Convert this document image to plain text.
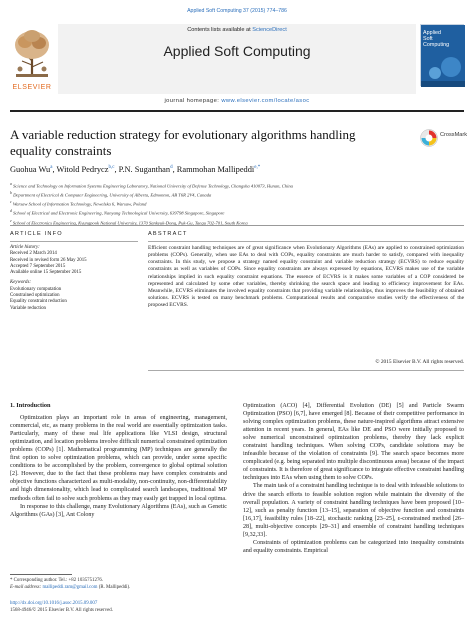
Applied Soft Computing 37 (2015) 774–786
Contents lists available at ScienceDirect
Applied Soft Computing
journal homepage: www.elsevier.com/locate/asoc
ELSEVIER
Applied
Soft
Computing
A variable reduction strategy for evolutionary algorithms handling
equality constraints
CrossMark
Guohua Wu$^a$, Witold Pedrycz$^{b,c}$, P.N. Suganthan$^d$, Rammohan Mallipeddi$^{e,*}$
$^a$ Science and Technology on Information Systems Engineering Laboratory, National University of Defense Technology, Changsha 410073, Hunan, China
$^b$ Department of Electrical & Computer Engineering, University of Alberta, Edmonton, AB T6R 2V4, Canada
$^c$ Warsaw School of Information Technology, Newelska 6, Warsaw, Poland
$^d$ School of Electrical and Electronic Engineering, Nanyang Technological University, 639798 Singapore, Singapore
$^e$ School of Electronics Engineering, Kyungpook National University, 1370 Sankyuk-Dong, Puk-Gu, Taegu 702-701, South Korea
ARTICLE INFO	ABSTRACT
Article history:
Received 2 March 2014
Received in revised form 26 May 2015
Accepted 7 September 2015
Available online 15 September 2015
Keywords:
Evolutionary computation
Constrained optimization
Equality constraint reduction
Variable reduction
Efficient constraint handling techniques are of great significance when Evolutionary Algorithms (EAs) are applied to constrained optimization problems (COPs). Generally, when use EAs to deal with COPs, equality constraints are much harder to satisfy, compared with inequality constraints. In this study, we propose a strategy named equality constraint and variable reduction strategy (ECVRS) to reduce equality constraints as well as variables of COPs. Since equality constraints are always expressed by equations, ECVRS makes use of the variable relationships implied in such equality constraint equations. The essence of ECVRS is it makes some variables of a COP considered be represented and calculated by some other variables, thereby shrinking the search space and leading to efficiency improvement for EAs. Meanwhile, ECVRS eliminates the involved equality constraints that providing variable relationships, thus improves the feasibility of obtained solutions. ECVRS is tested on many benchmark problems. Computational results and comparative studies verify the effectiveness of the proposed ECVRS.
© 2015 Elsevier B.V. All rights reserved.
1. Introduction

Optimization plays an important role in areas of engineering, management, commercial, etc, as many problems in the real world are essentially optimization tasks. Particularly, many of these real life applications like VLSI design, structural optimization, and location problems involve difficult numerical constrained optimization problems (COPs) [1]. Mathematical programming (MP) techniques are generally the first option to solve optimization problems, which can provide, under some specific conditions to be accomplished by the problem, convergence to global optimal solution [2]. However, due to the fact that these problems may have complex constraints and objective functions characterized as multi-modality, non-continuity, non-differentiability and high dimensionality, which lead to complicated search landscapes, traditional MP methods often fail to solve such problems as they may easily get trapped in local optima.

In response to this challenge, many Evolutionary Algorithms (EAs), such as Genetic Algorithms (GAs) [3], Ant Colony

Optimization (ACO) [4], Differential Evolution (DE) [5] and Particle Swarm Optimization (PSO) [6,7], have emerged [8]. Because of their competitive performance in solving complex optimization problems, these nature-inspired algorithms attract extensive attention in recent years. In general, EAs like DE and PSO were initially proposed to solve numerical unconstrained optimization problems, thereby they lack explicit constraint handling techniques. When solving COPs, candidate solutions may be infeasible because of the violation of constraints [9]. The search space becomes more complicated (e.g. being separated into multiple discontinuous areas) because of the impact of constraints. It is therefore of great significance to integrate effective constraint handling techniques into EAs when using them to solve COPs.

The main task of a constraint handling technique is to deal with infeasible solutions to drive the search efforts to feasible solution region while maintain the diversity of the overall population. A variety of constraint handling techniques have been proposed [10–12], such as penalty function [13–15], separation of objective function and constraints [16,17], feasibility rules [18–22], stochastic ranking [23–25], ε-constrained method [26–28], multi-objective concepts [29–31] and ensemble of constraint handling techniques [9,32,33].

Constraints of optimization problems can be categorized into inequality constraints and equality constraints. Empirical

* Corresponding author. Tel.: +82 1035751276.
E-mail address: mallipeddi.ram@gmail.com (R. Mallipeddi).
http://dx.doi.org/10.1016/j.asoc.2015.09.007
1568-4946/© 2015 Elsevier B.V. All rights reserved.
